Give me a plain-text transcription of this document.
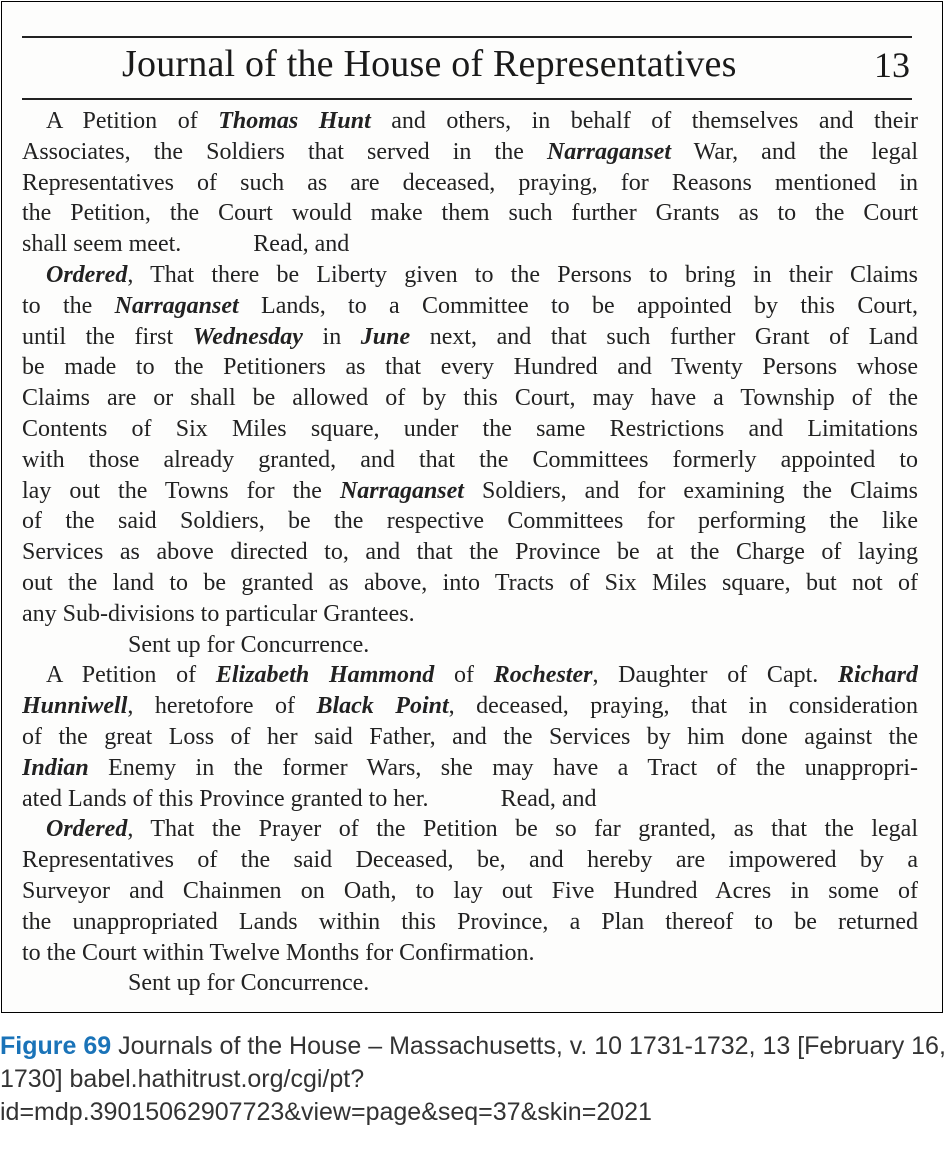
Journal of the House of Representatives	13
A Petition of Thomas Hunt and others, in behalf of themselves and their
Associates, the Soldiers that served in the Narraganset War, and the legal
Representatives of such as are deceased, praying, for Reasons mentioned in
the Petition, the Court would make them such further Grants as to the Court
shall seem meet.	Read, and
Ordered, That there be Liberty given to the Persons to bring in their Claims
to the Narraganset Lands, to a Committee to be appointed by this Court,
until the first Wednesday in June next, and that such further Grant of Land
be made to the Petitioners as that every Hundred and Twenty Persons whose
Claims are or shall be allowed of by this Court, may have a Township of the
Contents of Six Miles square, under the same Restrictions and Limitations
with those already granted, and that the Committees formerly appointed to
lay out the Towns for the Narraganset Soldiers, and for examining the Claims
of the said Soldiers, be the respective Committees for performing the like
Services as above directed to, and that the Province be at the Charge of laying
out the land to be granted as above, into Tracts of Six Miles square, but not of
any Sub-divisions to particular Grantees.
Sent up for Concurrence.
A Petition of Elizabeth Hammond of Rochester, Daughter of Capt. Richard
Hunniwell, heretofore of Black Point, deceased, praying, that in consideration
of the great Loss of her said Father, and the Services by him done against the
Indian Enemy in the former Wars, she may have a Tract of the unappropri-
ated Lands of this Province granted to her.	Read, and
Ordered, That the Prayer of the Petition be so far granted, as that the legal
Representatives of the said Deceased, be, and hereby are impowered by a
Surveyor and Chainmen on Oath, to lay out Five Hundred Acres in some of
the unappropriated Lands within this Province, a Plan thereof to be returned
to the Court within Twelve Months for Confirmation.
Sent up for Concurrence.
Figure 69 Journals of the House – Massachusetts, v. 10 1731-1732, 13 [February 16, 1730] babel.hathitrust.org/cgi/pt?id=mdp.39015062907723&view=page&seq=37&skin=2021
